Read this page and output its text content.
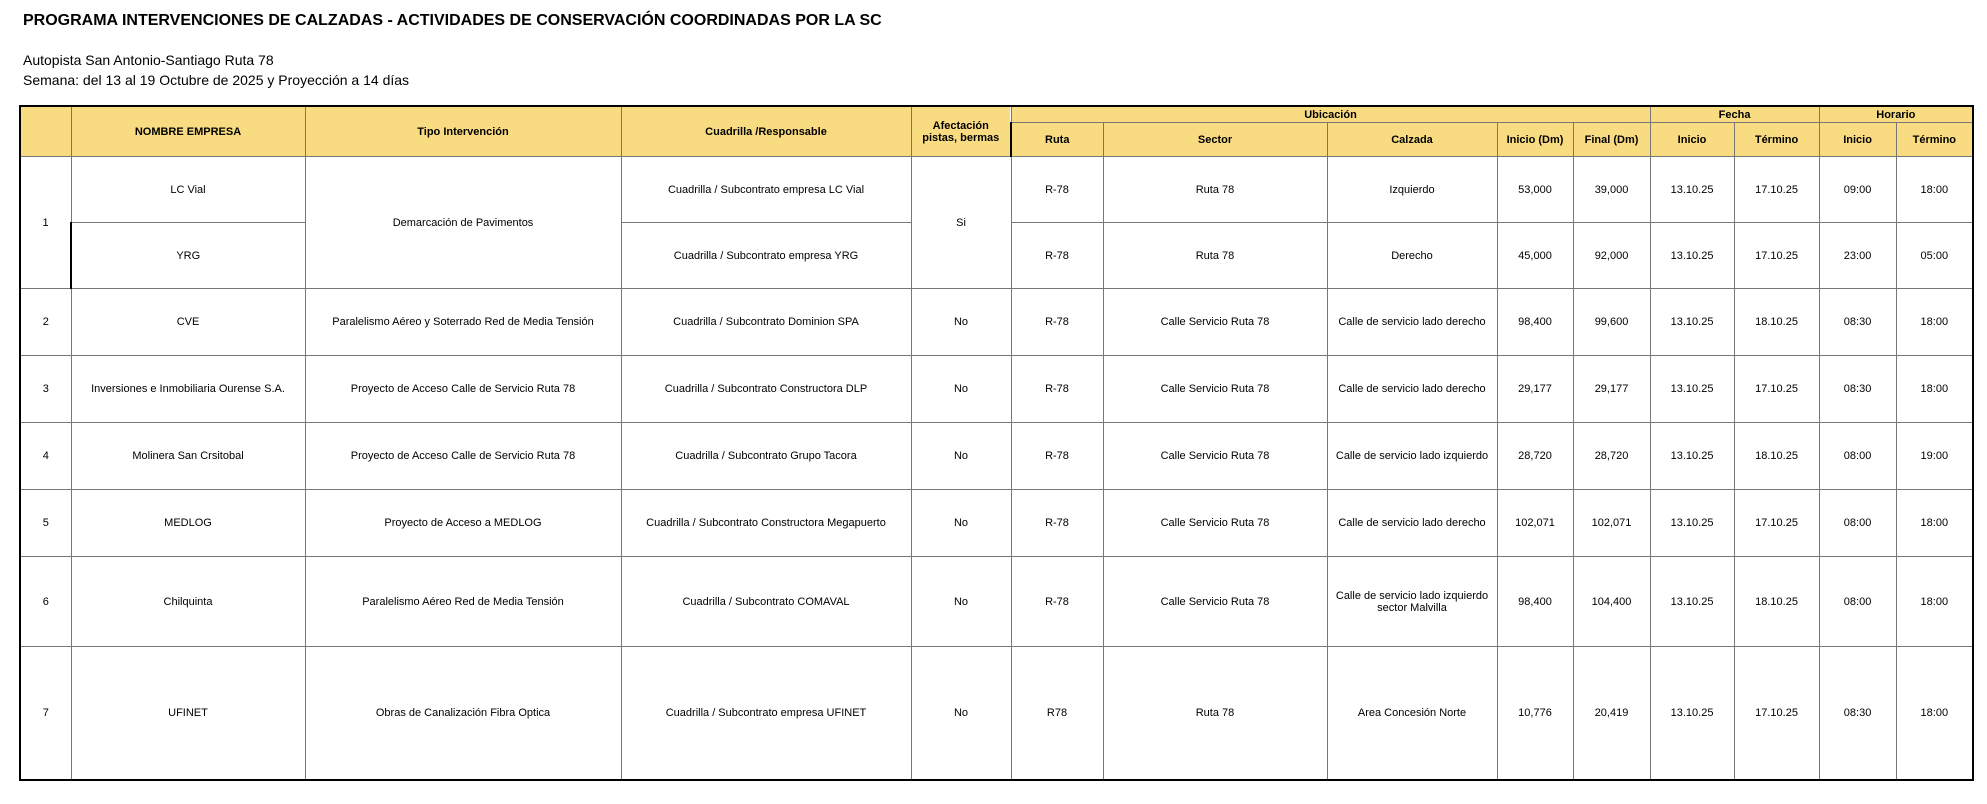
PROGRAMA INTERVENCIONES DE CALZADAS - ACTIVIDADES DE CONSERVACIÓN COORDINADAS POR LA SC
Autopista San Antonio-Santiago Ruta 78
Semana: del 13 al 19 Octubre de 2025 y Proyección a 14 días
	NOMBRE EMPRESA	Tipo Intervención	Cuadrilla /Responsable	Afectación
pistas, bermas	Ubicación					Fecha		Horario	
					Ruta	Sector	Calzada	Inicio (Dm)	Final (Dm)	Inicio	Término	Inicio	Término
1	LC Vial	Demarcación de Pavimentos	Cuadrilla / Subcontrato empresa LC Vial	Si	R-78	Ruta 78	Izquierdo	53,000	39,000	13.10.25	17.10.25	09:00	18:00
	YRG		Cuadrilla / Subcontrato empresa YRG		R-78	Ruta 78	Derecho	45,000	92,000	13.10.25	17.10.25	23:00	05:00
2	CVE	Paralelismo Aéreo y Soterrado Red de Media Tensión	Cuadrilla / Subcontrato Dominion SPA	No	R-78	Calle Servicio Ruta 78	Calle de servicio lado derecho	98,400	99,600	13.10.25	18.10.25	08:30	18:00
3	Inversiones e Inmobiliaria Ourense S.A.	Proyecto de Acceso Calle de Servicio Ruta 78	Cuadrilla / Subcontrato Constructora DLP	No	R-78	Calle Servicio Ruta 78	Calle de servicio lado derecho	29,177	29,177	13.10.25	17.10.25	08:30	18:00
4	Molinera San Crsitobal	Proyecto de Acceso Calle de Servicio Ruta 78	Cuadrilla / Subcontrato Grupo Tacora	No	R-78	Calle Servicio Ruta 78	Calle de servicio lado izquierdo	28,720	28,720	13.10.25	18.10.25	08:00	19:00
5	MEDLOG	Proyecto de Acceso a MEDLOG	Cuadrilla / Subcontrato Constructora Megapuerto	No	R-78	Calle Servicio Ruta 78	Calle de servicio lado derecho	102,071	102,071	13.10.25	17.10.25	08:00	18:00
6	Chilquinta	Paralelismo Aéreo Red de Media Tensión	Cuadrilla / Subcontrato COMAVAL	No	R-78	Calle Servicio Ruta 78	Calle de servicio lado izquierdo
sector Malvilla	98,400	104,400	13.10.25	18.10.25	08:00	18:00
7	UFINET	Obras de Canalización Fibra Optica	Cuadrilla / Subcontrato empresa UFINET	No	R78	Ruta 78	Area Concesión Norte	10,776	20,419	13.10.25	17.10.25	08:30	18:00
